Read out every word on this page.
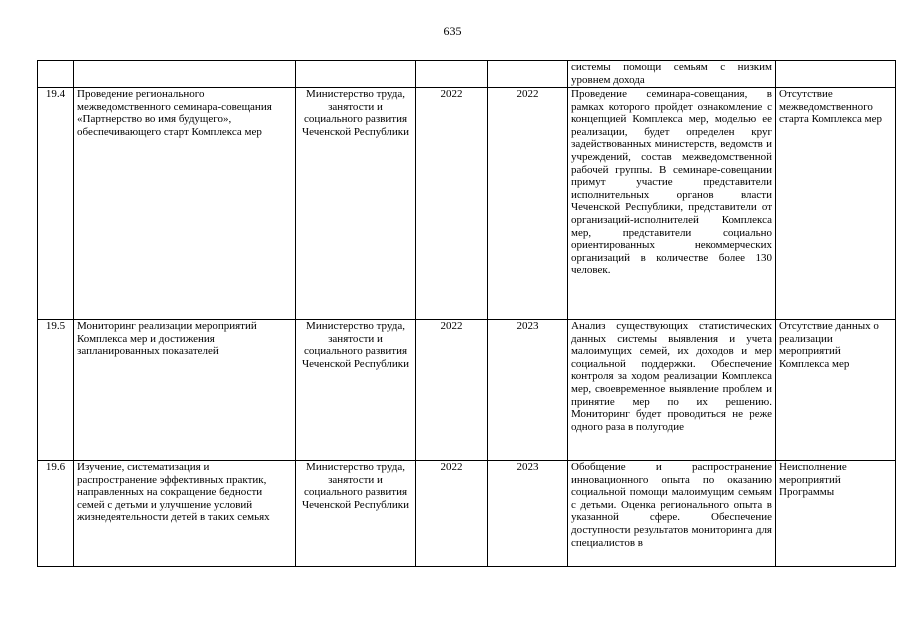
635
					системы помощи семьям с низким уровнем дохода	
19.4	Проведение регионального межведомственного семинара-совещания «Партнерство во имя будущего», обеспечивающего старт Комплекса мер	Министерство труда, занятости и социального развития Чеченской Республики	2022	2022	Проведение семинара-совещания, в рамках которого пройдет ознакомление с концепцией Комплекса мер, моделью ее реализации, будет определен круг задействованных министерств, ведомств и учреждений, состав межведомственной рабочей группы. В семинаре-совещании примут участие представители исполнительных органов власти Чеченской Республики, представители от организаций-исполнителей Комплекса мер, представители социально ориентированных некоммерческих организаций в количестве более 130 человек.	Отсутствие межведомственного старта Комплекса мер
19.5	Мониторинг реализации мероприятий Комплекса мер и достижения запланированных показателей	Министерство труда, занятости и социального развития Чеченской Республики	2022	2023	Анализ существующих статистических данных системы выявления и учета малоимущих семей, их доходов и мер социальной поддержки. Обеспечение контроля за ходом реализации Комплекса мер, своевременное выявление проблем и принятие мер по их решению. Мониторинг будет проводиться не реже одного раза в полугодие	Отсутствие данных о реализации мероприятий Комплекса мер
19.6	Изучение, систематизация и распространение эффективных практик, направленных на сокращение бедности семей с детьми и улучшение условий жизнедеятельности детей в таких семьях	Министерство труда, занятости и социального развития Чеченской Республики	2022	2023	Обобщение и распространение инновационного опыта по оказанию социальной помощи малоимущим семьям с детьми. Оценка регионального опыта в указанной сфере. Обеспечение доступности результатов мониторинга для специалистов в	Неисполнение мероприятий Программы
